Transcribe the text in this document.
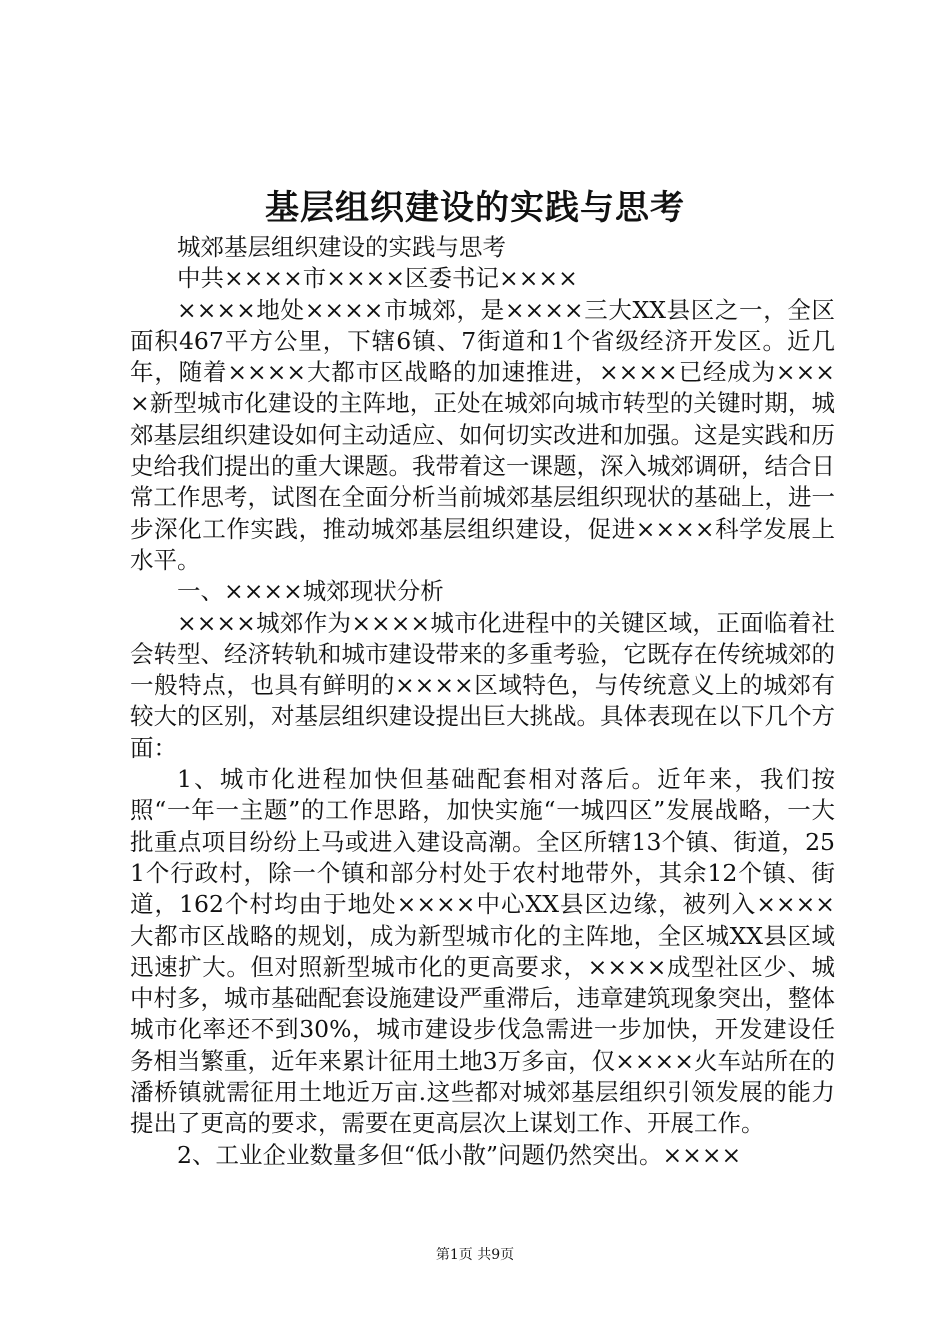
基层组织建设的实践与思考

城郊基层组织建设的实践与思考

中共××××市××××区委书记××××

××××地处××××市城郊，是××××三大XX县区之一，全区面积467平方公里，下辖6镇、7街道和1个省级经济开发区。近几年，随着××××大都市区战略的加速推进，××××已经成为××××新型城市化建设的主阵地，正处在城郊向城市转型的关键时期，城郊基层组织建设如何主动适应、如何切实改进和加强。这是实践和历史给我们提出的重大课题。我带着这一课题，深入城郊调研，结合日常工作思考，试图在全面分析当前城郊基层组织现状的基础上，进一步深化工作实践，推动城郊基层组织建设，促进××××科学发展上水平。

一、××××城郊现状分析

××××城郊作为××××城市化进程中的关键区域，正面临着社会转型、经济转轨和城市建设带来的多重考验，它既存在传统城郊的一般特点，也具有鲜明的××××区域特色，与传统意义上的城郊有较大的区别，对基层组织建设提出巨大挑战。具体表现在以下几个方面：

1、城市化进程加快但基础配套相对落后。近年来，我们按照“一年一主题”的工作思路，加快实施“一城四区”发展战略，一大批重点项目纷纷上马或进入建设高潮。全区所辖13个镇、街道，251个行政村，除一个镇和部分村处于农村地带外，其余12个镇、街道，162个村均由于地处××××中心XX县区边缘，被列入××××大都市区战略的规划，成为新型城市化的主阵地，全区城XX县区域迅速扩大。但对照新型城市化的更高要求，××××成型社区少、城中村多，城市基础配套设施建设严重滞后，违章建筑现象突出，整体城市化率还不到30%，城市建设步伐急需进一步加快，开发建设任务相当繁重，近年来累计征用土地3万多亩，仅××××火车站所在的潘桥镇就需征用土地近万亩.这些都对城郊基层组织引领发展的能力提出了更高的要求，需要在更高层次上谋划工作、开展工作。

2、工业企业数量多但“低小散”问题仍然突出。××××

第1页 共9页
